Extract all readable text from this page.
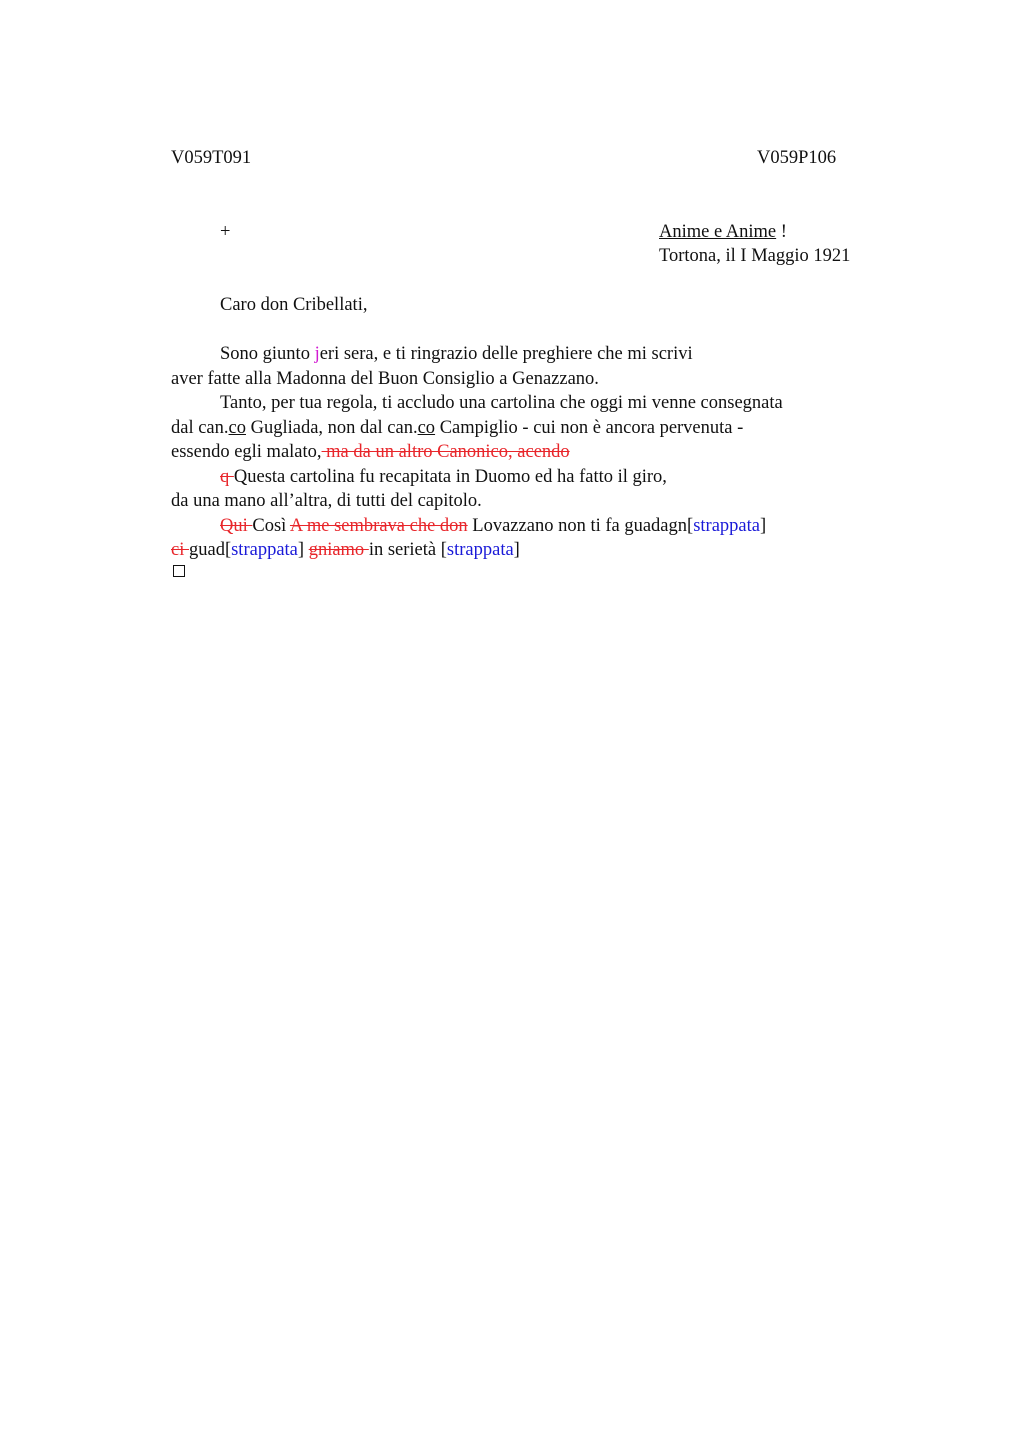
V059T091	V059P106
+	Anime e Anime !
Tortona, il I Maggio 1921
Caro don Cribellati,
Sono giunto jeri sera, e ti ringrazio delle preghiere che mi scrivi
aver fatte alla Madonna del Buon Consiglio a Genazzano.
Tanto, per tua regola, ti accludo una cartolina che oggi mi venne consegnata
dal can.co Gugliada, non dal can.co Campiglio - cui non è ancora pervenuta -
essendo egli malato, ma da un altro Canonico, acendo
q Questa cartolina fu recapitata in Duomo ed ha fatto il giro,
da una mano all’altra, di tutti del capitolo.
Qui Così A me sembrava che don Lovazzano non ti fa guadagn[strappata]
ci guad[strappata] gniamo in serietà [strappata]
